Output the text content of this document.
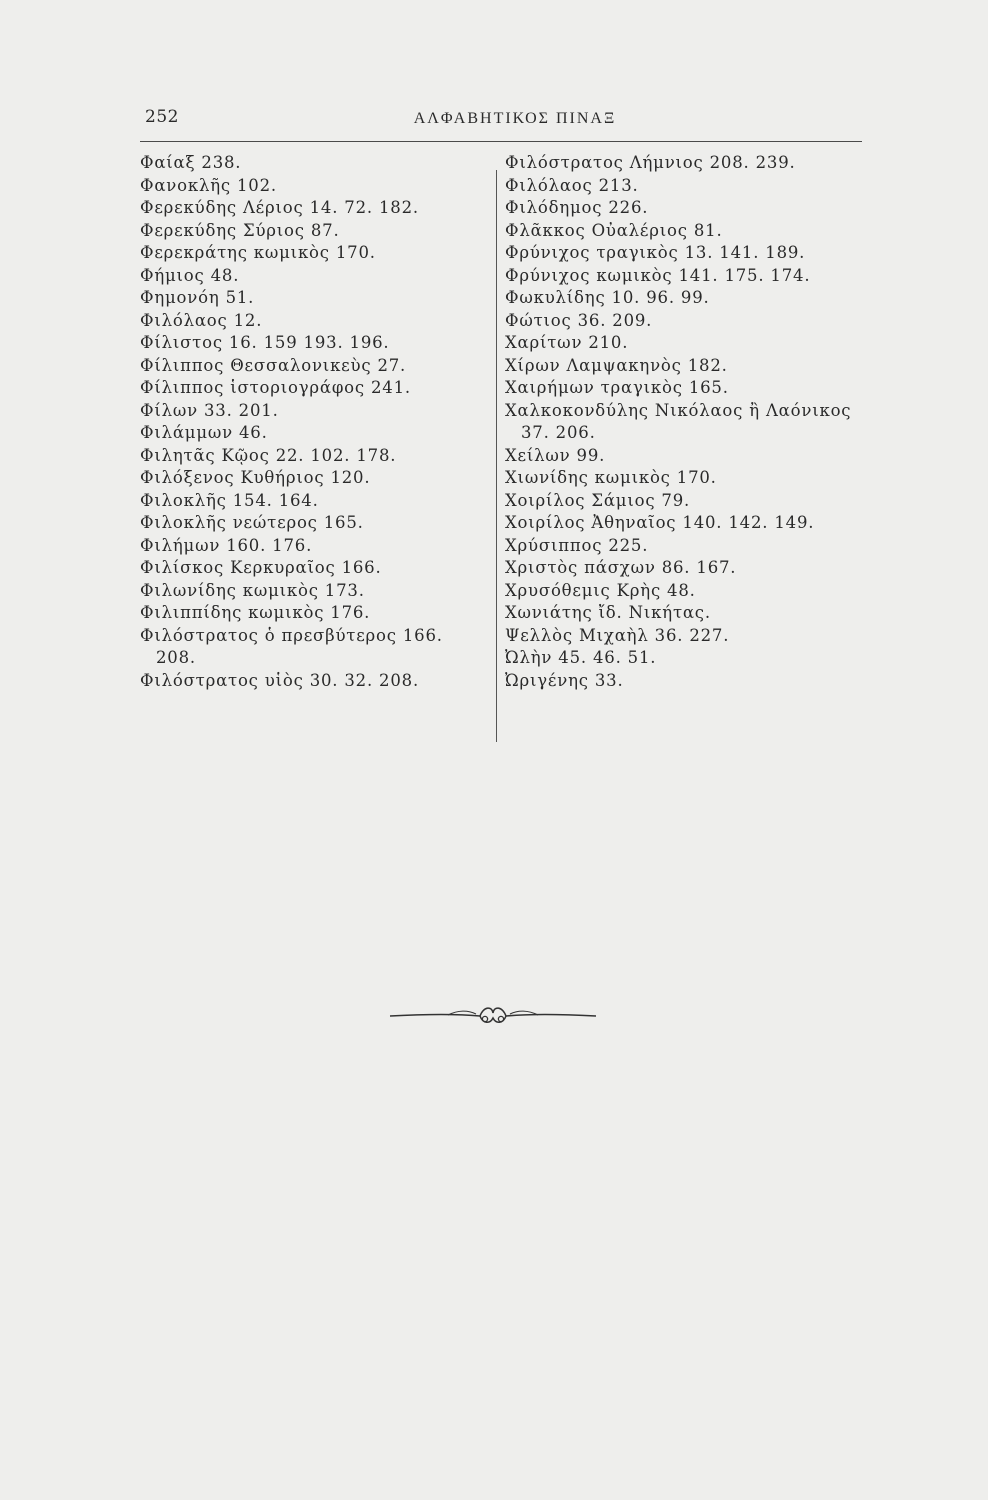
252	ΑΛΦΑΒΗΤΙΚΟΣ ΠΙΝΑΞ

Φαίαξ 238.

Φανοκλῆς 102.

Φερεκύδης Λέριος 14. 72. 182.

Φερεκύδης Σύριος 87.

Φερεκράτης κωμικὸς 170.

Φήμιος 48.

Φημονόη 51.

Φιλόλαος 12.

Φίλιστος 16. 159 193. 196.

Φίλιππος Θεσσαλονικεὺς 27.

Φίλιππος ἱστοριογράφος 241.

Φίλων 33. 201.

Φιλάμμων 46.

Φιλητᾶς Κῷος 22. 102. 178.

Φιλόξενος Κυθήριος 120.

Φιλοκλῆς 154. 164.

Φιλοκλῆς νεώτερος 165.

Φιλήμων 160. 176.

Φιλίσκος Κερκυραῖος 166.

Φιλωνίδης κωμικὸς 173.

Φιλιππίδης κωμικὸς 176.

Φιλόστρατος ὁ πρεσβύτερος 166.

208.

Φιλόστρατος υἱὸς 30. 32. 208.

Φιλόστρατος Λήμνιος 208. 239.

Φιλόλαος 213.

Φιλόδημος 226.

Φλᾶκκος Οὐαλέριος 81.

Φρύνιχος τραγικὸς 13. 141. 189.

Φρύνιχος κωμικὸς 141. 175. 174.

Φωκυλίδης 10. 96. 99.

Φώτιος 36. 209.

Χαρίτων 210.

Χίρων Λαμψακηνὸς 182.

Χαιρήμων τραγικὸς 165.

Χαλκοκονδύλης Νικόλαος ἢ Λαόνικος

37. 206.

Χείλων 99.

Χιωνίδης κωμικὸς 170.

Χοιρίλος Σάμιος 79.

Χοιρίλος Ἀθηναῖος 140. 142. 149.

Χρύσιππος 225.

Χριστὸς πάσχων 86. 167.

Χρυσόθεμις Κρὴς 48.

Χωνιάτης ἴδ. Νικήτας.

Ψελλὸς Μιχαὴλ 36. 227.

Ὠλὴν 45. 46. 51.

Ὠριγένης 33.
